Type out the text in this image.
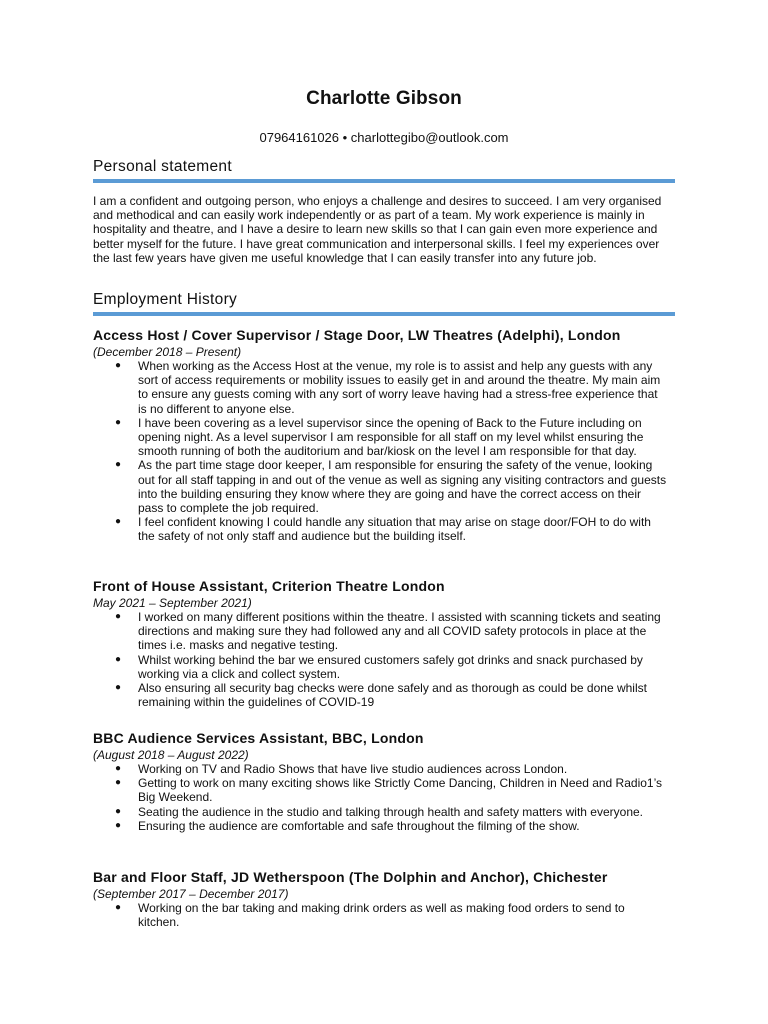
Charlotte Gibson
07964161026 • charlottegibo@outlook.com
Personal statement
I am a confident and outgoing person, who enjoys a challenge and desires to succeed. I am very organised and methodical and can easily work independently or as part of a team. My work experience is mainly in hospitality and theatre, and I have a desire to learn new skills so that I can gain even more experience and better myself for the future. I have great communication and interpersonal skills. I feel my experiences over the last few years have given me useful knowledge that I can easily transfer into any future job.
Employment History
Access Host / Cover Supervisor / Stage Door, LW Theatres (Adelphi), London
(December 2018 – Present)
● When working as the Access Host at the venue, my role is to assist and help any guests with any sort of access requirements or mobility issues to easily get in and around the theatre. My main aim to ensure any guests coming with any sort of worry leave having had a stress-free experience that is no different to anyone else.
● I have been covering as a level supervisor since the opening of Back to the Future including on opening night. As a level supervisor I am responsible for all staff on my level whilst ensuring the smooth running of both the auditorium and bar/kiosk on the level I am responsible for that day.
● As the part time stage door keeper, I am responsible for ensuring the safety of the venue, looking out for all staff tapping in and out of the venue as well as signing any visiting contractors and guests into the building ensuring they know where they are going and have the correct access on their pass to complete the job required.
● I feel confident knowing I could handle any situation that may arise on stage door/FOH to do with the safety of not only staff and audience but the building itself.
Front of House Assistant, Criterion Theatre London
May 2021 – September 2021)
● I worked on many different positions within the theatre. I assisted with scanning tickets and seating directions and making sure they had followed any and all COVID safety protocols in place at the times i.e. masks and negative testing.
● Whilst working behind the bar we ensured customers safely got drinks and snack purchased by working via a click and collect system.
● Also ensuring all security bag checks were done safely and as thorough as could be done whilst remaining within the guidelines of COVID-19
BBC Audience Services Assistant, BBC, London
(August 2018 – August 2022)
● Working on TV and Radio Shows that have live studio audiences across London.
● Getting to work on many exciting shows like Strictly Come Dancing, Children in Need and Radio1’s Big Weekend.
● Seating the audience in the studio and talking through health and safety matters with everyone.
● Ensuring the audience are comfortable and safe throughout the filming of the show.
Bar and Floor Staff, JD Wetherspoon (The Dolphin and Anchor), Chichester
(September 2017 – December 2017)
● Working on the bar taking and making drink orders as well as making food orders to send to kitchen.
